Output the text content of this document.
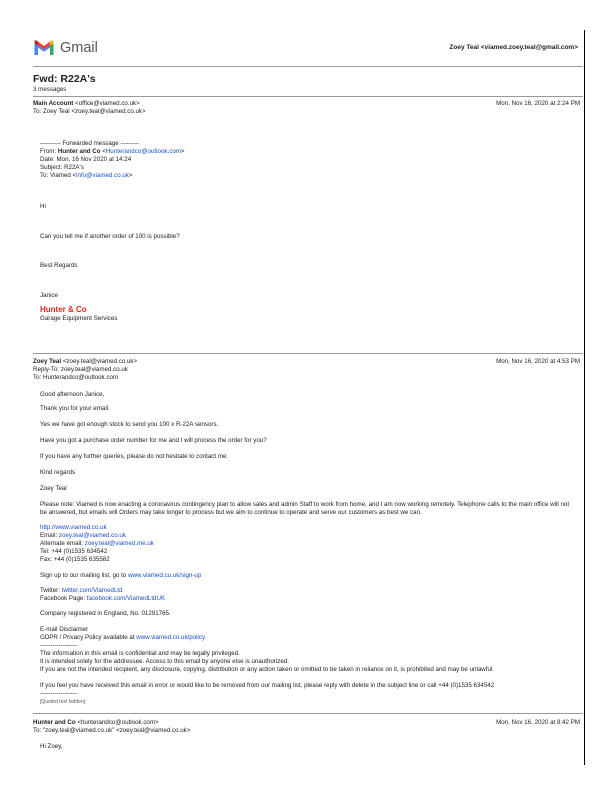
Gmail	Zoey Teal <viamed.zoey.teal@gmail.com>
Fwd: R22A's
3 messages
Main Account <office@viamed.co.uk>	Mon, Nov 16, 2020 at 2:24 PM
To: Zoey Teal <zoey.teal@viamed.co.uk>

---------- Forwarded message ---------

From: Hunter and Co <Hunterandco@outlook.com>

Date: Mon, 16 Nov 2020 at 14:24

Subject: R22A's

To: Viamed <info@viamed.co.uk>

Hi
Can you tell me if another order of 100 is possible?
Best Regards
Janice
Hunter & Co
Garage Equipment Services
Zoey Teal <zoey.teal@viamed.co.uk>	Mon, Nov 16, 2020 at 4:53 PM
Reply-To: zoey.teal@viamed.co.uk
To: Hunterandco@outlook.com
Good afternoon Janice,
Thank you for your email.
Yes we have got enough stock to send you 100 x R-22A sensors.
Have you got a purchase order number for me and I will process the order for you?
If you have any further queries, please do not hesitate to contact me.
Kind regards
Zoey Teal
Please note: Viamed is now enacting a coronavirus contingency plan to allow sales and admin Staff to work from home, and I am now working remotely. Telephone calls to the main office will not be answered, but emails will Orders may take longer to process but we aim to continue to operate and serve our customers as best we can.

http://www.viamed.co.uk

Email: zoey.teal@viamed.co.uk

Alternate email: zoey.teal@viamed.me.uk

Tel: +44 (0)1535 634542

Fax: +44 (0)1535 635582

Sign up to our mailing list, go to www.viamed.co.uk/sign-up

Twitter: twitter.com/ViamedLtd

Facebook Page: facebook.com/ViamedLtdUK

Company registered in England, No. 01291765.

E-mail Disclaimer

GDPR / Privacy Policy available at www.viamed.co.uk/policy

------------------

The information in this email is confidential and may be legally privileged.

It is intended solely for the addressee. Access to this email by anyone else is unauthorized.

If you are not the intended recipient, any disclosure, copying, distribution or any action taken or omitted to be taken in reliance on it, is prohibited and may be unlawful.

If you feel you have received this email in error or would like to be removed from our mailing list, please reply with delete in the subject line or call +44 (0)1535 634542
------------------
[Quoted text hidden]
Hunter and Co <hunterandco@outlook.com>	Mon, Nov 16, 2020 at 8:42 PM
To: "zoey.teal@viamed.co.uk" <zoey.teal@viamed.co.uk>
Hi Zoey,
